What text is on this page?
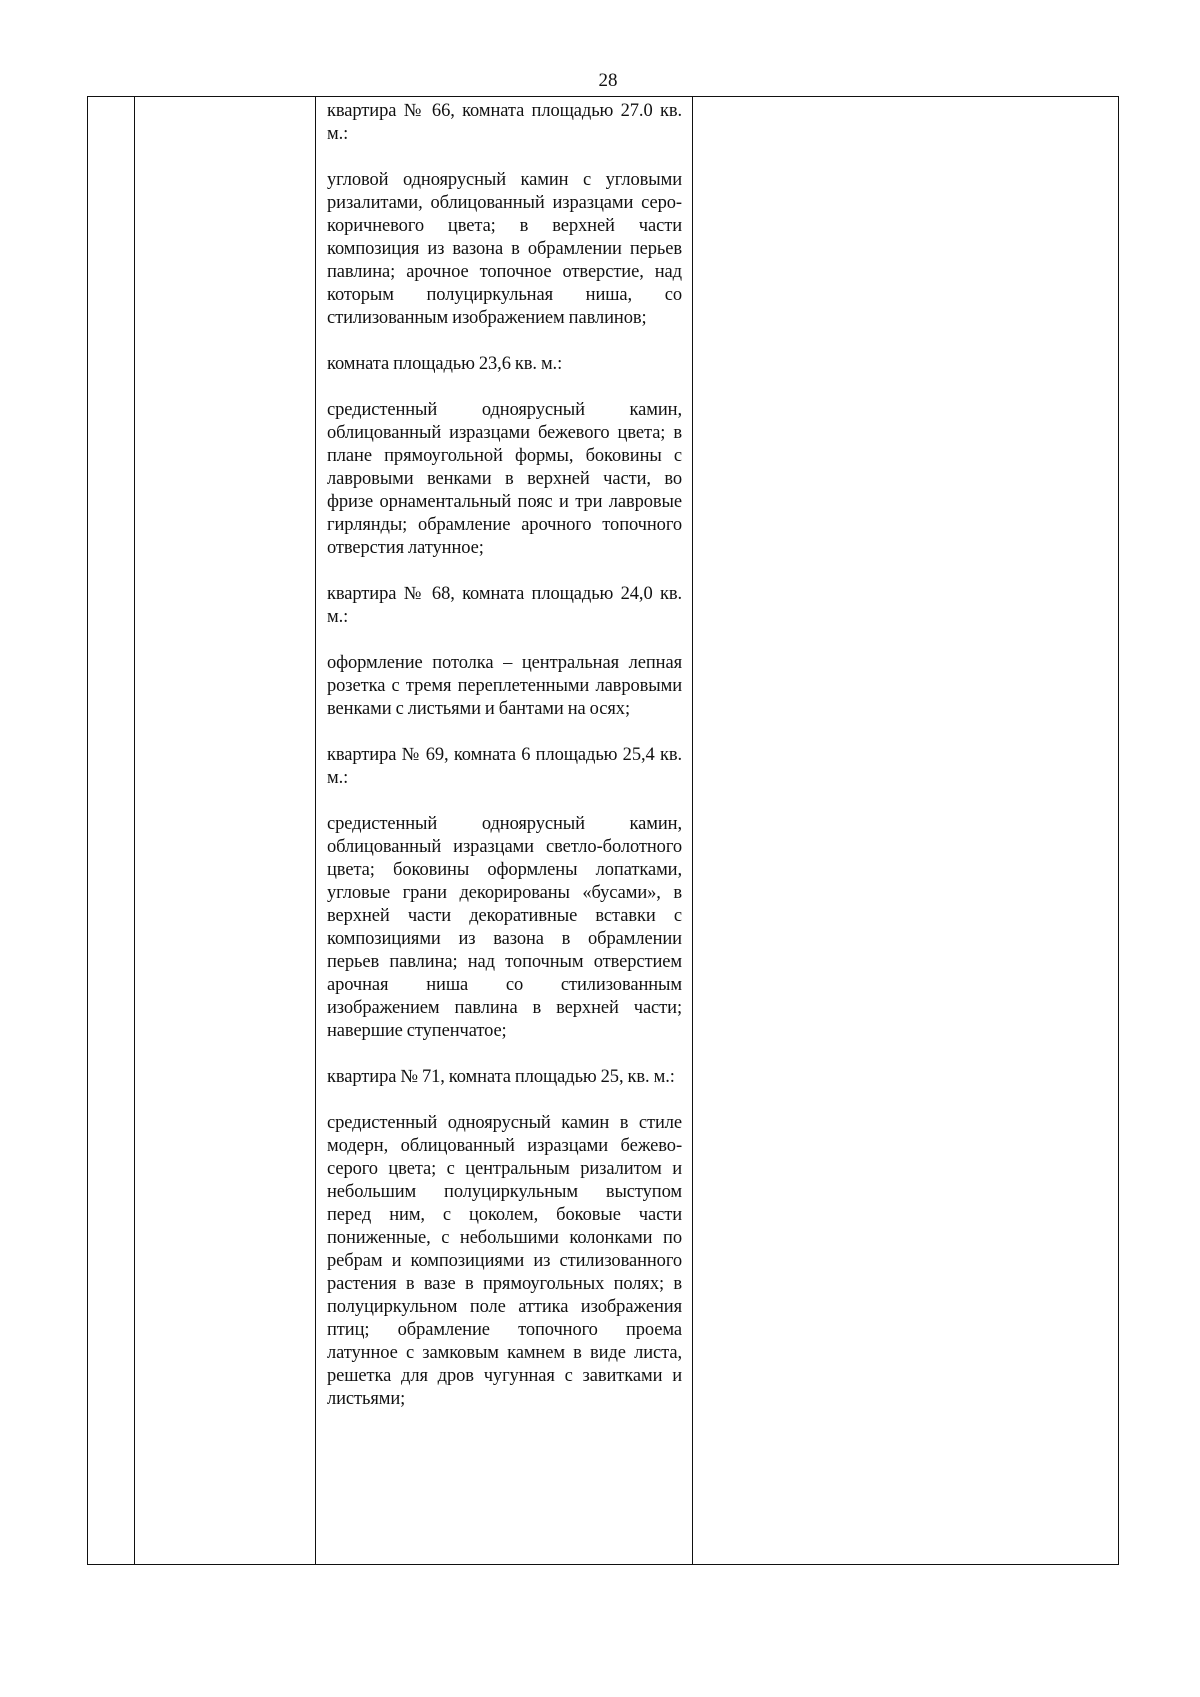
28

квартира № 66, комната площадью 27.0 кв. м.:

угловой одноярусный камин с угловыми ризалитами, облицованный изразцами серо-коричневого цвета; в верхней части композиция из вазона в обрамлении перьев павлина; арочное топочное отверстие, над которым полуциркульная ниша, со стилизованным изображением павлинов;

комната площадью 23,6 кв. м.:

средистенный одноярусный камин, облицованный изразцами бежевого цвета; в плане прямоугольной формы, боковины с лавровыми венками в верхней части, во фризе орнаментальный пояс и три лавровые гирлянды; обрамление арочного топочного отверстия латунное;

квартира № 68, комната площадью 24,0 кв. м.:

оформление потолка – центральная лепная розетка с тремя переплетенными лавровыми венками с листьями и бантами на осях;

квартира № 69, комната 6 площадью 25,4 кв. м.:

средистенный одноярусный камин, облицованный изразцами светло-болотного цвета; боковины оформлены лопатками, угловые грани декорированы «бусами», в верхней части декоративные вставки с композициями из вазона в обрамлении перьев павлина; над топочным отверстием арочная ниша со стилизованным изображением павлина в верхней части; навершие ступенчатое;

квартира № 71, комната площадью 25, кв. м.:

средистенный одноярусный камин в стиле модерн, облицованный изразцами бежево-серого цвета; с центральным ризалитом и небольшим полуциркульным выступом перед ним, с цоколем, боковые части пониженные, с небольшими колонками по ребрам и композициями из стилизованного растения в вазе в прямоугольных полях; в полуциркульном поле аттика изображения птиц; обрамление топочного проема латунное с замковым камнем в виде листа, решетка для дров чугунная с завитками и листьями;
